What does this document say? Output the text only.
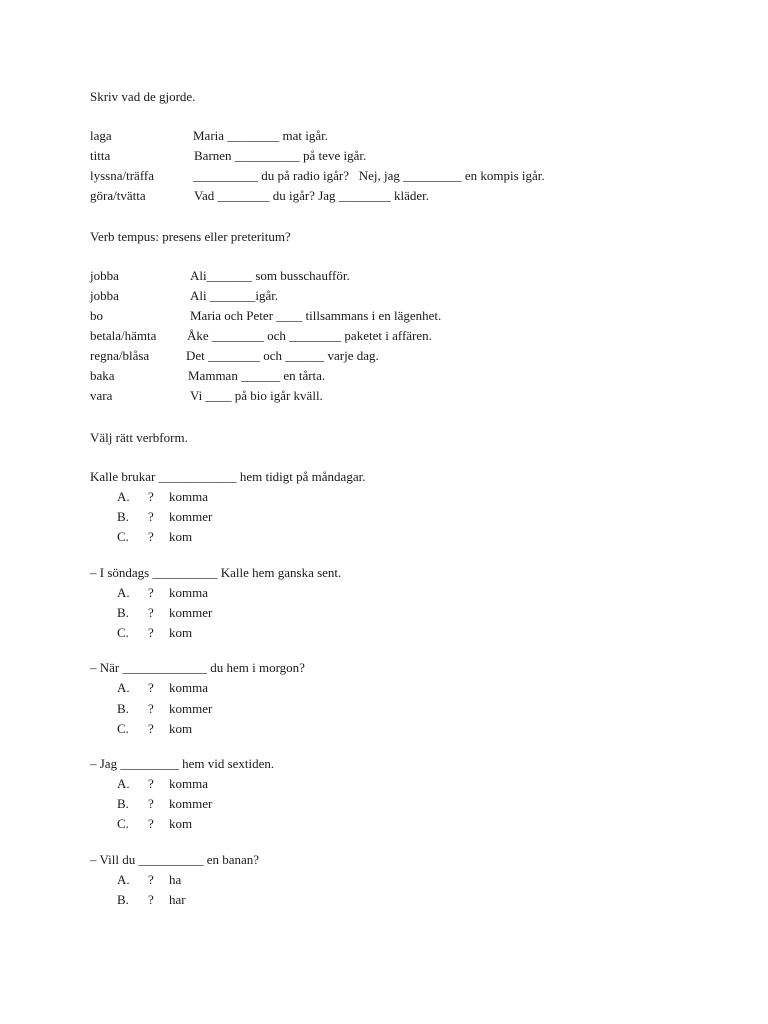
Skriv vad de gjorde.
laga	Maria ________ mat igår.
titta	Barnen __________ på teve igår.
lyssna/träffa	__________ du på radio igår?   Nej, jag _________ en kompis igår.
göra/tvätta	Vad ________ du igår? Jag ________ kläder.
Verb tempus: presens eller preteritum?
jobba	Ali_______ som busschaufför.
jobba	Ali _______igår.
bo	Maria och Peter ____ tillsammans i en lägenhet.
betala/hämta Åke ________ och ________ paketet i affären.
regna/blåsa	Det ________ och ______ varje dag.
baka	Mamman ______ en tårta.
vara	Vi ____ på bio igår kväll.
Välj rätt verbform.
Kalle brukar ____________ hem tidigt på måndagar.
A. ? komma
B. ? kommer
C. ? kom
– I söndags __________ Kalle hem ganska sent.
A. ? komma
B. ? kommer
C. ? kom
– När _____________ du hem i morgon?
A. ? komma
B. ? kommer
C. ? kom
– Jag _________ hem vid sextiden.
A. ? komma
B. ? kommer
C. ? kom
– Vill du __________ en banan?
A. ? ha
B. ? har
